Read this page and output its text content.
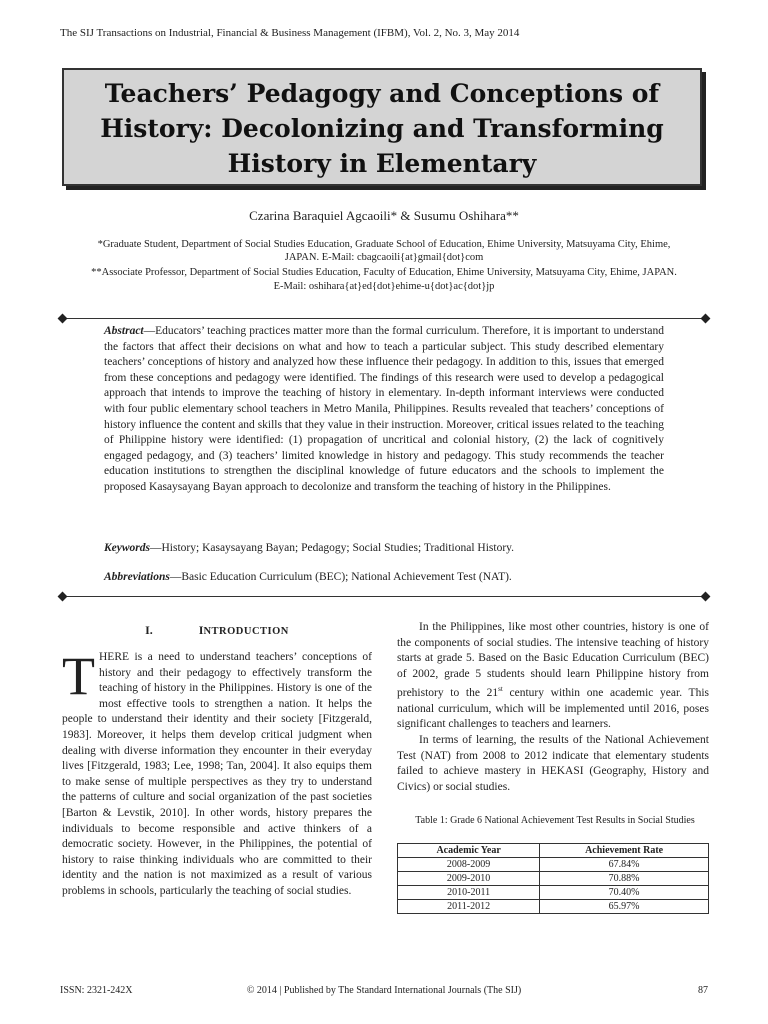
The SIJ Transactions on Industrial, Financial & Business Management (IFBM), Vol. 2, No. 3, May 2014
Teachers’ Pedagogy and Conceptions of
History: Decolonizing and Transforming
History in Elementary
Czarina Baraquiel Agcaoili* & Susumu Oshihara**
*Graduate Student, Department of Social Studies Education, Graduate School of Education, Ehime University, Matsuyama City, Ehime,
JAPAN. E-Mail: cbagcaoili{at}gmail{dot}com
**Associate Professor, Department of Social Studies Education, Faculty of Education, Ehime University, Matsuyama City, Ehime, JAPAN.
E-Mail: oshihara{at}ed{dot}ehime-u{dot}ac{dot}jp
Abstract—Educators’ teaching practices matter more than the formal curriculum. Therefore, it is important to understand the factors that affect their decisions on what and how to teach a particular subject. This study described elementary teachers’ conceptions of history and analyzed how these influence their pedagogy. In addition to this, issues that emerged from these conceptions and pedagogy were identified. The findings of this research were used to develop a pedagogical approach that intends to improve the teaching of history in elementary. In-depth informant interviews were conducted with four public elementary school teachers in Metro Manila, Philippines. Results revealed that teachers’ conceptions of history influence the content and skills that they value in their instruction. Moreover, critical issues related to the teaching of Philippine history were identified: (1) propagation of uncritical and colonial history, (2) the lack of cognitively engaged pedagogy, and (3) teachers’ limited knowledge in history and pedagogy. This study recommends the teacher education institutions to strengthen the disciplinal knowledge of future educators and the schools to implement the proposed Kasaysayang Bayan approach to decolonize and transform the teaching of history in the Philippines.
Keywords—History; Kasaysayang Bayan; Pedagogy; Social Studies; Traditional History.
Abbreviations—Basic Education Curriculum (BEC); National Achievement Test (NAT).
I.	INTRODUCTION

THERE is a need to understand teachers’ conceptions of history and their pedagogy to effectively transform the teaching of history in the Philippines. History is one of the most effective tools to strengthen a nation. It helps the people to understand their identity and their society [Fitzgerald, 1983]. Moreover, it helps them develop critical judgment when dealing with diverse information they encounter in their everyday lives [Fitzgerald, 1983; Lee, 1998; Tan, 2004]. It also equips them to make sense of multiple perspectives as they try to understand the patterns of culture and social organization of the past societies [Barton & Levstik, 2010]. In other words, history prepares the individuals to become responsible and active thinkers of a democratic society. However, in the Philippines, the potential of history to raise thinking individuals who are committed to their identity and the nation is not maximized as a result of various problems in schools, particularly the teaching of social studies.

In the Philippines, like most other countries, history is one of the components of social studies. The intensive teaching of history starts at grade 5. Based on the Basic Education Curriculum (BEC) of 2002, grade 5 students should learn Philippine history from prehistory to the 21st century within one academic year. This national curriculum, which will be implemented until 2016, poses significant challenges to teachers and learners.

In terms of learning, the results of the National Achievement Test (NAT) from 2008 to 2012 indicate that elementary students failed to achieve mastery in HEKASI (Geography, History and Civics) or social studies.

Table 1: Grade 6 National Achievement Test Results in Social Studies
Academic Year	Achievement Rate
2008-2009	67.84%
2009-2010	70.88%
2010-2011	70.40%
2011-2012	65.97%
ISSN: 2321-242X	© 2014 | Published by The Standard International Journals (The SIJ)	87
